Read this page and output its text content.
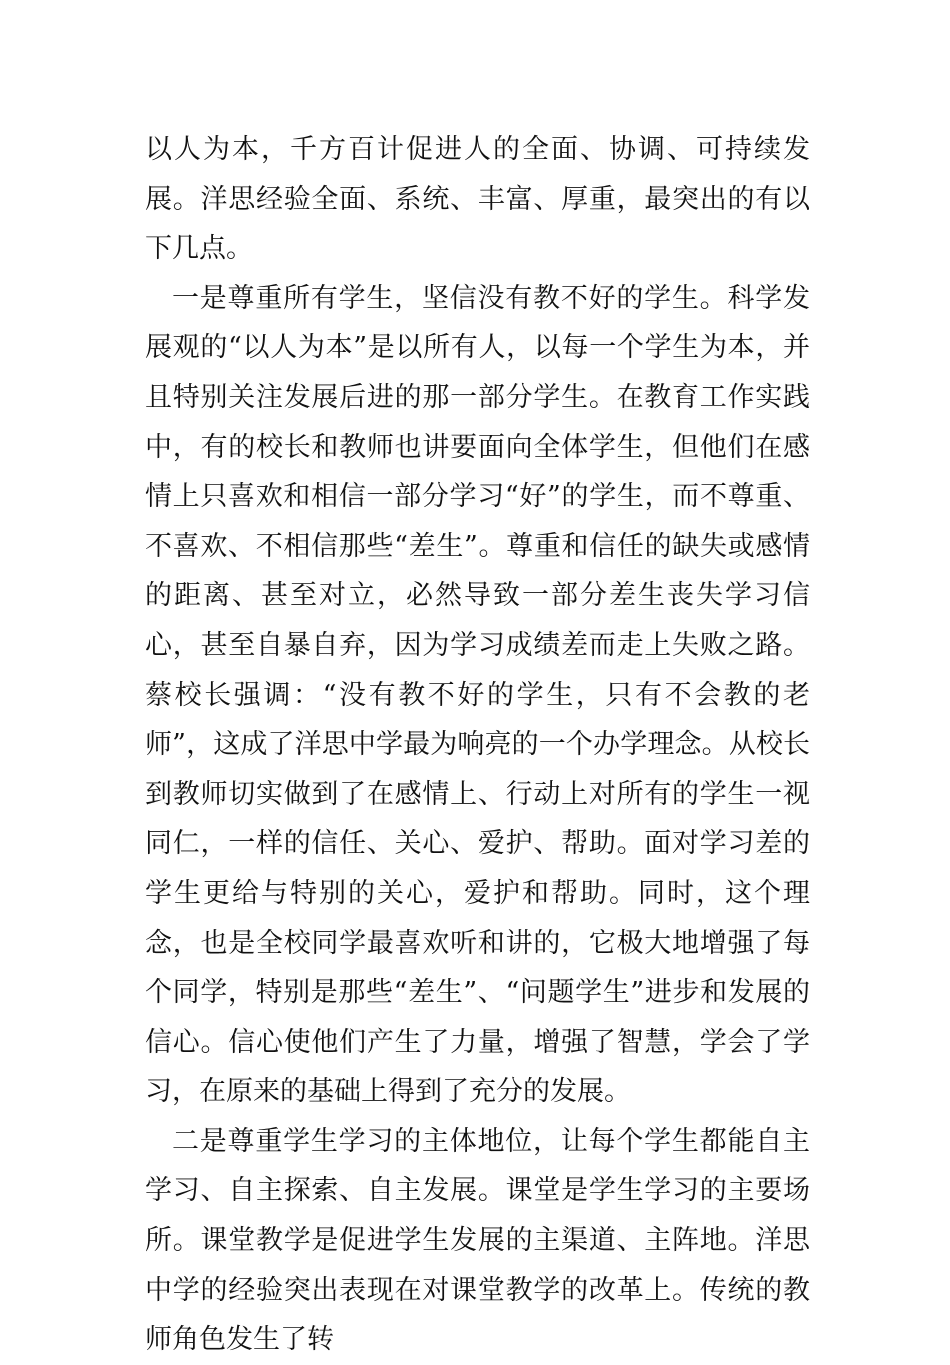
以人为本，千方百计促进人的全面、协调、可持续发展。洋思经验全面、系统、丰富、厚重，最突出的有以下几点。

一是尊重所有学生，坚信没有教不好的学生。科学发展观的“以人为本”是以所有人，以每一个学生为本，并且特别关注发展后进的那一部分学生。在教育工作实践中，有的校长和教师也讲要面向全体学生，但他们在感情上只喜欢和相信一部分学习“好”的学生，而不尊重、不喜欢、不相信那些“差生”。尊重和信任的缺失或感情的距离、甚至对立，必然导致一部分差生丧失学习信心，甚至自暴自弃，因为学习成绩差而走上失败之路。蔡校长强调：“没有教不好的学生，只有不会教的老师”，这成了洋思中学最为响亮的一个办学理念。从校长到教师切实做到了在感情上、行动上对所有的学生一视同仁，一样的信任、关心、爱护、帮助。面对学习差的学生更给与特别的关心，爱护和帮助。同时，这个理念，也是全校同学最喜欢听和讲的，它极大地增强了每个同学，特别是那些“差生”、“问题学生”进步和发展的信心。信心使他们产生了力量，增强了智慧，学会了学习，在原来的基础上得到了充分的发展。

二是尊重学生学习的主体地位，让每个学生都能自主学习、自主探索、自主发展。课堂是学生学习的主要场所。课堂教学是促进学生发展的主渠道、主阵地。洋思中学的经验突出表现在对课堂教学的改革上。传统的教师角色发生了转
